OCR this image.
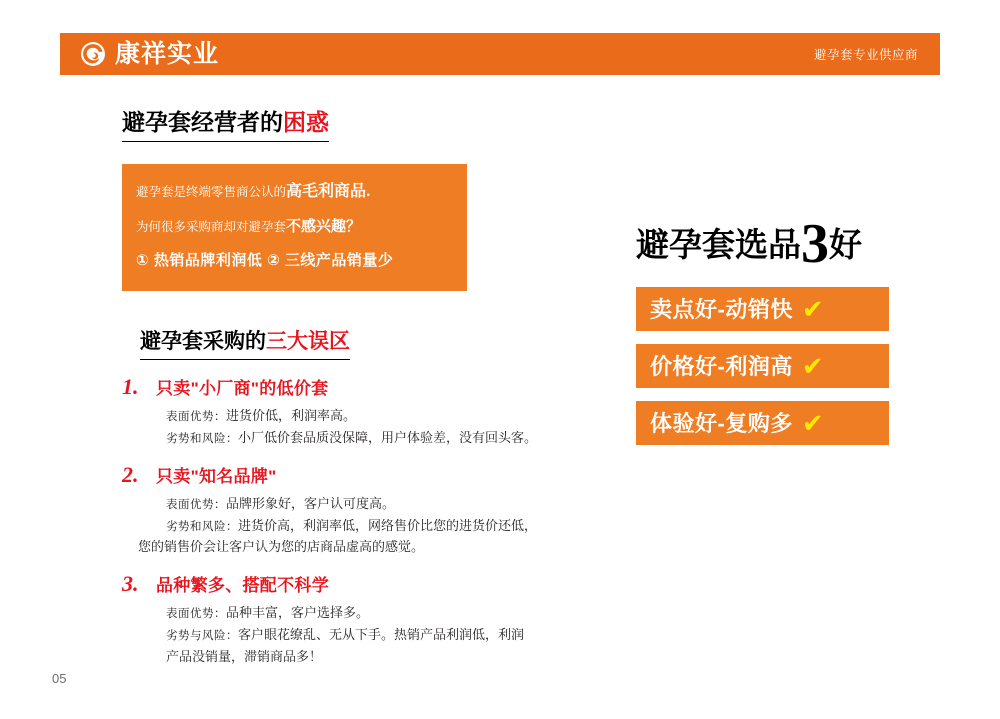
康祥实业	避孕套专业供应商
避孕套经营者的困惑
避孕套是终端零售商公认的高毛利商品.
为何很多采购商却对避孕套不感兴趣？
① 热销品牌利润低 ② 三线产品销量少
避孕套采购的三大误区
1.	只卖"小厂商"的低价套
表面优势：进货价低，利润率高。
劣势和风险：小厂低价套品质没保障，用户体验差，没有回头客。
2.	只卖"知名品牌"
表面优势：品牌形象好，客户认可度高。
劣势和风险：进货价高，利润率低，网络售价比您的进货价还低，
您的销售价会让客户认为您的店商品虚高的感觉。
3.	品种繁多、搭配不科学
表面优势：品种丰富，客户选择多。
劣势与风险：客户眼花缭乱、无从下手。热销产品利润低，利润
产品没销量，滞销商品多！
避孕套选品3好
卖点好-动销快 ✔
价格好-利润高 ✔
体验好-复购多 ✔
05
